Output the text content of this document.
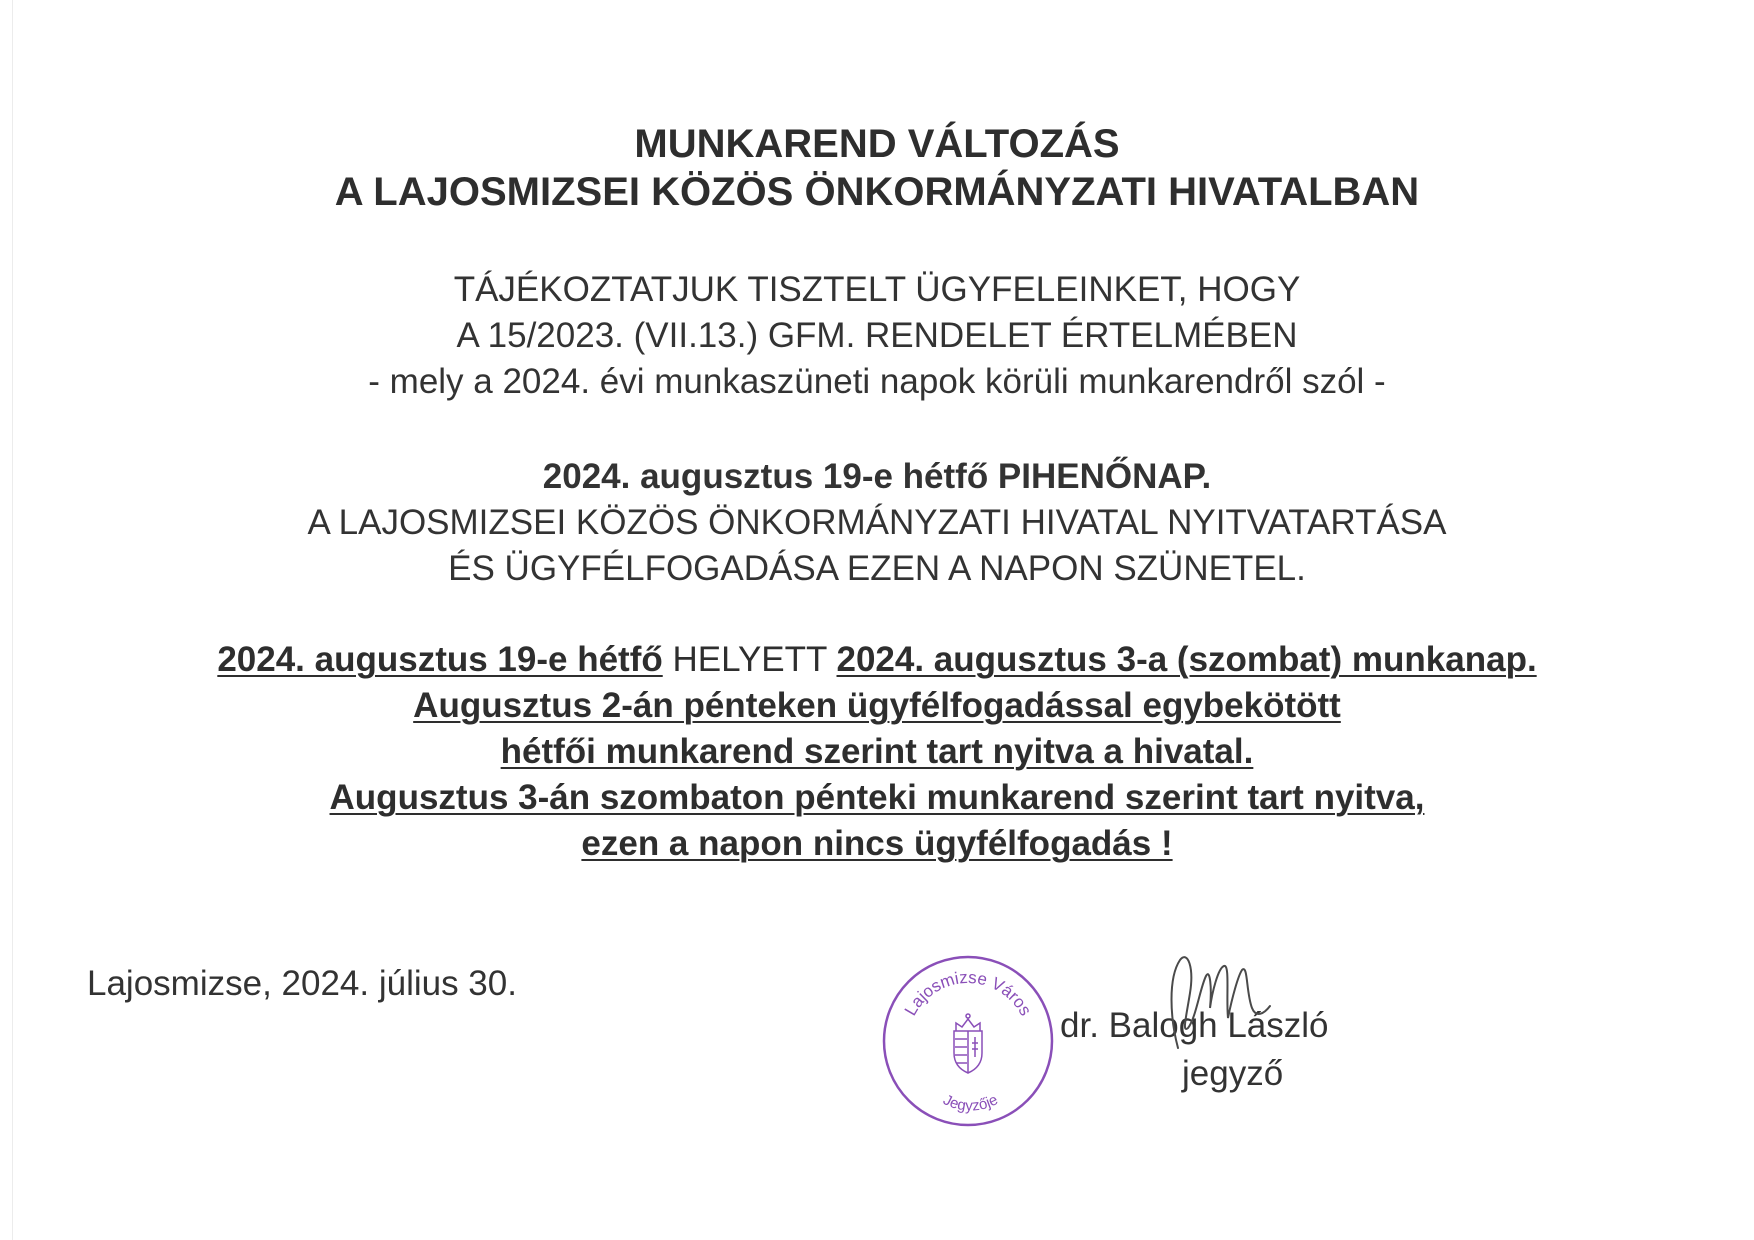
MUNKAREND VÁLTOZÁS
A LAJOSMIZSEI KÖZÖS ÖNKORMÁNYZATI HIVATALBAN
TÁJÉKOZTATJUK TISZTELT ÜGYFELEINKET, HOGY
A 15/2023. (VII.13.) GFM. RENDELET ÉRTELMÉBEN
- mely a 2024. évi munkaszüneti napok körüli munkarendről szól -
2024. augusztus 19-e hétfő PIHENŐNAP.
A LAJOSMIZSEI KÖZÖS ÖNKORMÁNYZATI HIVATAL NYITVATARTÁSA
ÉS ÜGYFÉLFOGADÁSA EZEN A NAPON SZÜNETEL.
2024. augusztus 19-e hétfő HELYETT 2024. augusztus 3-a (szombat) munkanap.
Augusztus 2-án pénteken ügyfélfogadással egybekötött
hétfői munkarend szerint tart nyitva a hivatal.
Augusztus 3-án szombaton pénteki munkarend szerint tart nyitva,
ezen a napon nincs ügyfélfogadás !
Lajosmizse, 2024. július 30.
Lajosmizse Város
Jegyzője
dr. Balogh László
jegyző
